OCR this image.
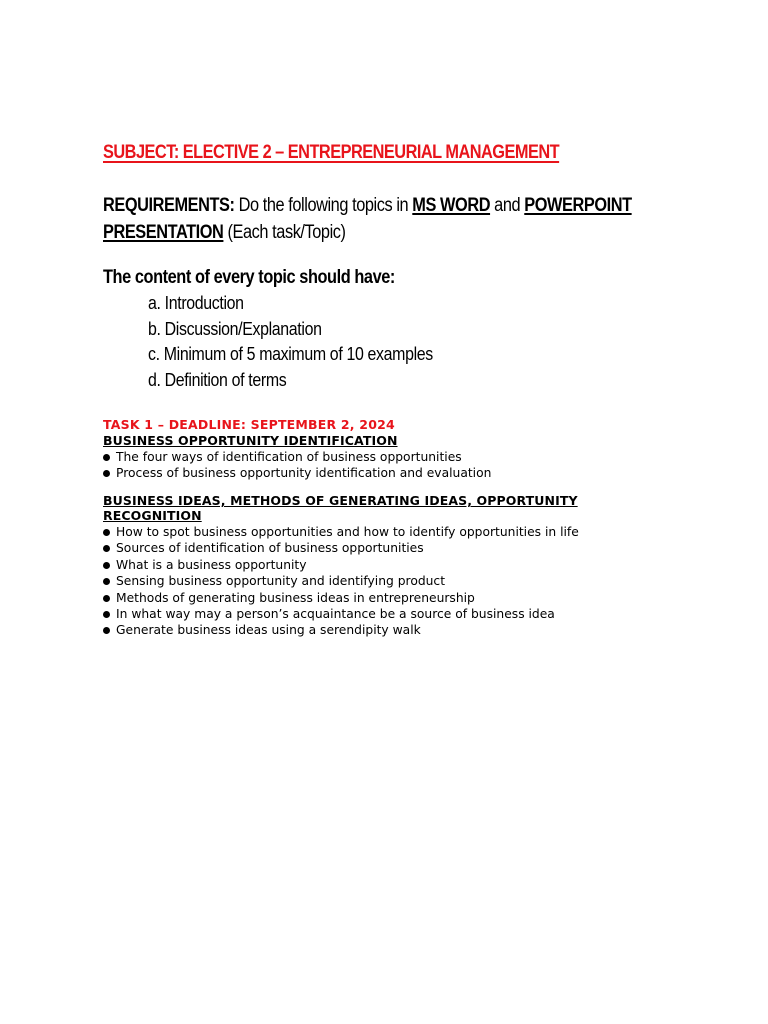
SUBJECT: ELECTIVE 2 – ENTREPRENEURIAL MANAGEMENT
REQUIREMENTS: Do the following topics in MS WORD and POWERPOINT PRESENTATION (Each task/Topic)
The content of every topic should have:
a. Introduction
b. Discussion/Explanation
c. Minimum of 5 maximum of 10 examples
d. Definition of terms
TASK 1 – DEADLINE: SEPTEMBER 2, 2024
BUSINESS OPPORTUNITY IDENTIFICATION
The four ways of identification of business opportunities
Process of business opportunity identification and evaluation
BUSINESS IDEAS, METHODS OF GENERATING IDEAS, OPPORTUNITY RECOGNITION
How to spot business opportunities and how to identify opportunities in life
Sources of identification of business opportunities
What is a business opportunity
Sensing business opportunity and identifying product
Methods of generating business ideas in entrepreneurship
In what way may a person’s acquaintance be a source of business idea
Generate business ideas using a serendipity walk
